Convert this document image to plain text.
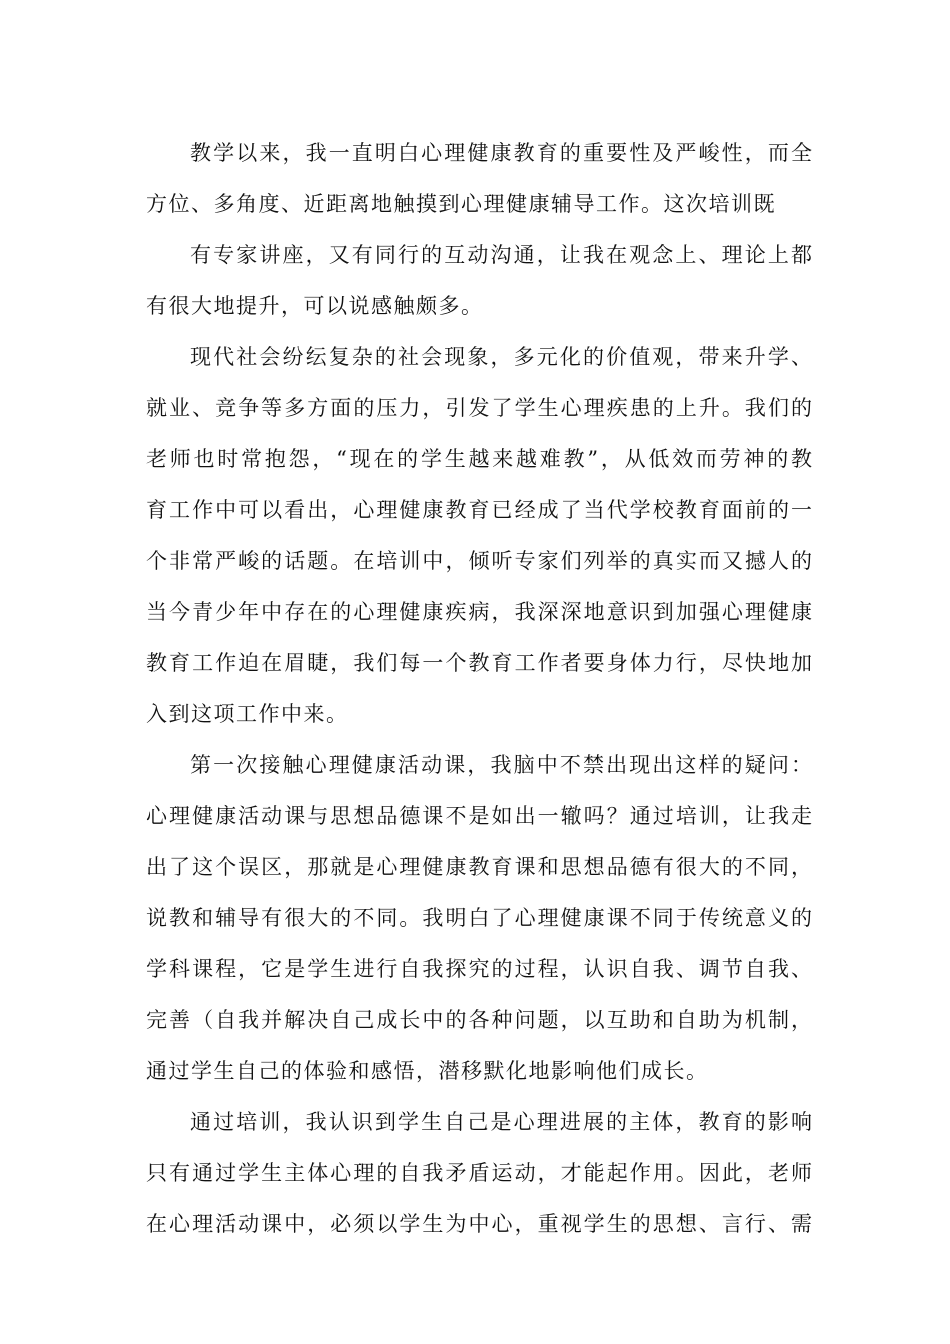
教学以来，我一直明白心理健康教育的重要性及严峻性，而全
方位、多角度、近距离地触摸到心理健康辅导工作。这次培训既
有专家讲座，又有同行的互动沟通，让我在观念上、理论上都
有很大地提升，可以说感触颇多。
现代社会纷纭复杂的社会现象，多元化的价值观，带来升学、
就业、竞争等多方面的压力，引发了学生心理疾患的上升。我们的
老师也时常抱怨，“现在的学生越来越难教”，从低效而劳神的教
育工作中可以看出，心理健康教育已经成了当代学校教育面前的一
个非常严峻的话题。在培训中，倾听专家们列举的真实而又撼人的
当今青少年中存在的心理健康疾病，我深深地意识到加强心理健康
教育工作迫在眉睫，我们每一个教育工作者要身体力行，尽快地加
入到这项工作中来。
第一次接触心理健康活动课，我脑中不禁出现出这样的疑问：
心理健康活动课与思想品德课不是如出一辙吗？通过培训，让我走
出了这个误区，那就是心理健康教育课和思想品德有很大的不同，
说教和辅导有很大的不同。我明白了心理健康课不同于传统意义的
学科课程，它是学生进行自我探究的过程，认识自我、调节自我、
完善（自我并解决自己成长中的各种问题，以互助和自助为机制，
通过学生自己的体验和感悟，潜移默化地影响他们成长。
通过培训，我认识到学生自己是心理进展的主体，教育的影响
只有通过学生主体心理的自我矛盾运动，才能起作用。因此，老师
在心理活动课中，必须以学生为中心，重视学生的思想、言行、需
